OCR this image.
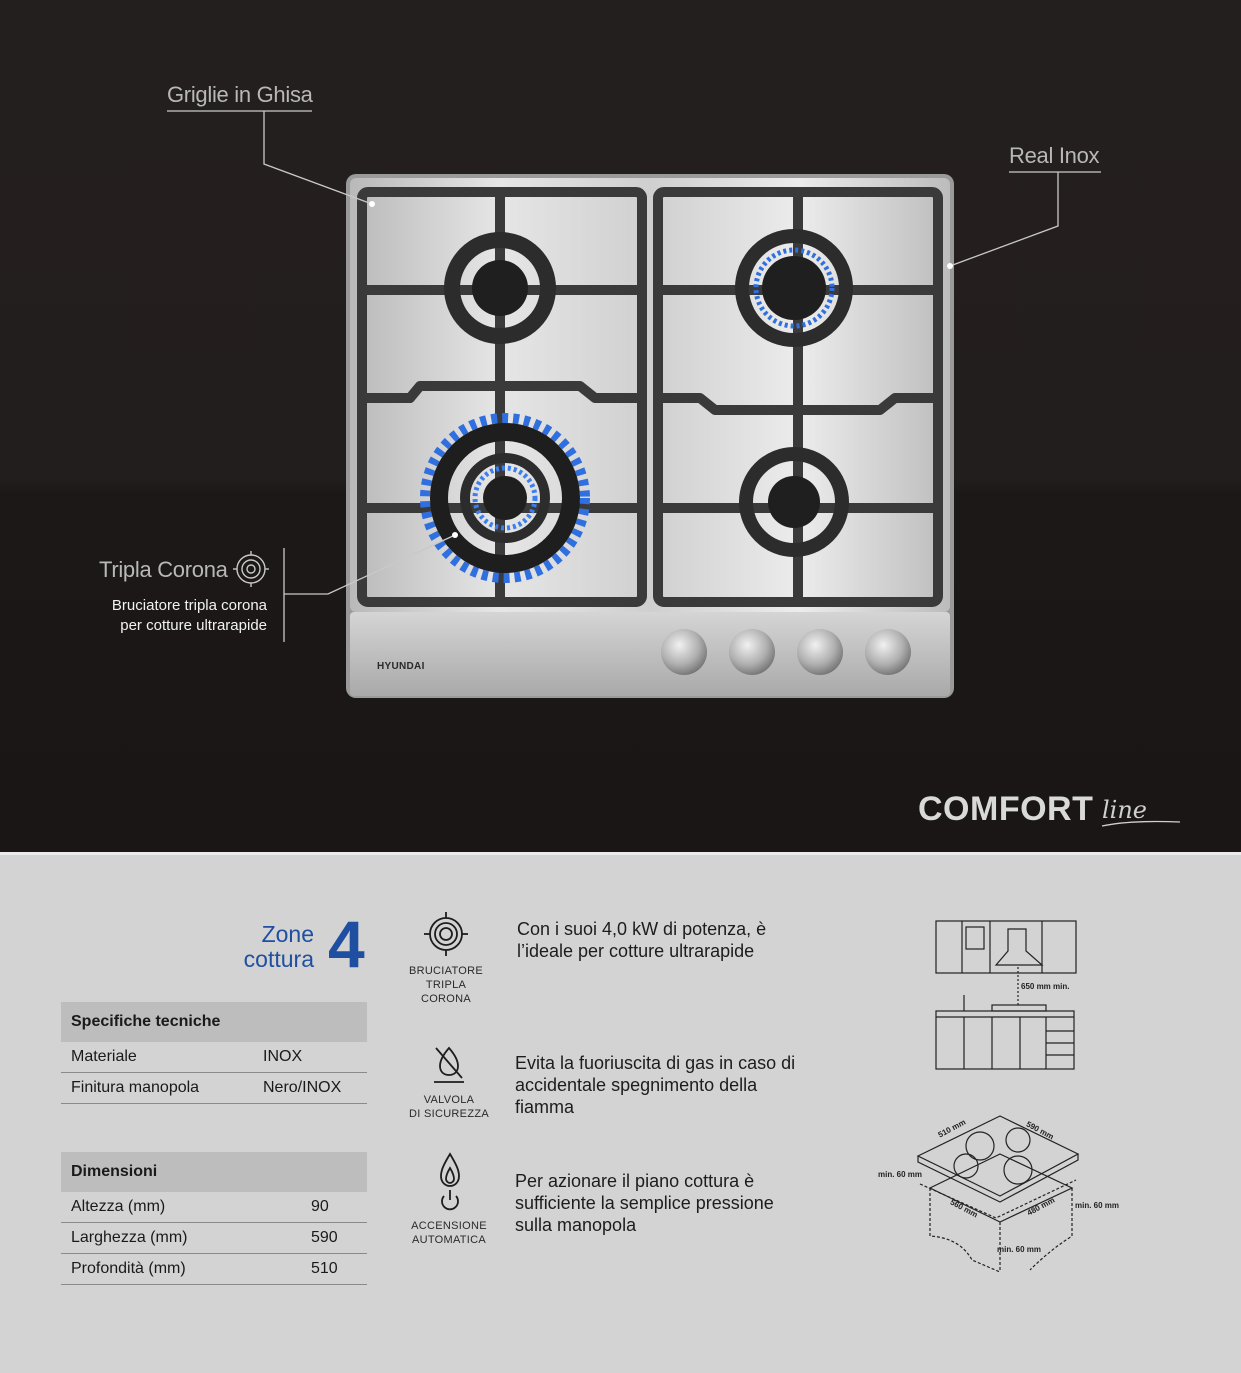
HYUNDAI
Griglie in Ghisa
Real Inox
Tripla Corona
Bruciatore tripla corona
per cotture ultrarapide
COMFORT line
Zone
cottura 4
Specifiche tecniche	
Materiale	INOX
Finitura manopola	Nero/INOX
Dimensioni	
Altezza (mm)	90
Larghezza (mm)	590
Profondità (mm)	510
BRUCIATORE
TRIPLA
CORONA
Con i suoi 4,0 kW di potenza, è l’ideale per cotture ultrarapide
VALVOLA
DI SICUREZZA
Evita la fuoriuscita di gas in caso di accidentale spegnimento della fiamma
ACCENSIONE
AUTOMATICA
Per azionare il piano cottura è sufficiente la semplice pressione sulla manopola
650 mm min.
510 mm	590 mm
560 mm	480 mm
min. 60 mm
min. 60 mm
min. 60 mm
